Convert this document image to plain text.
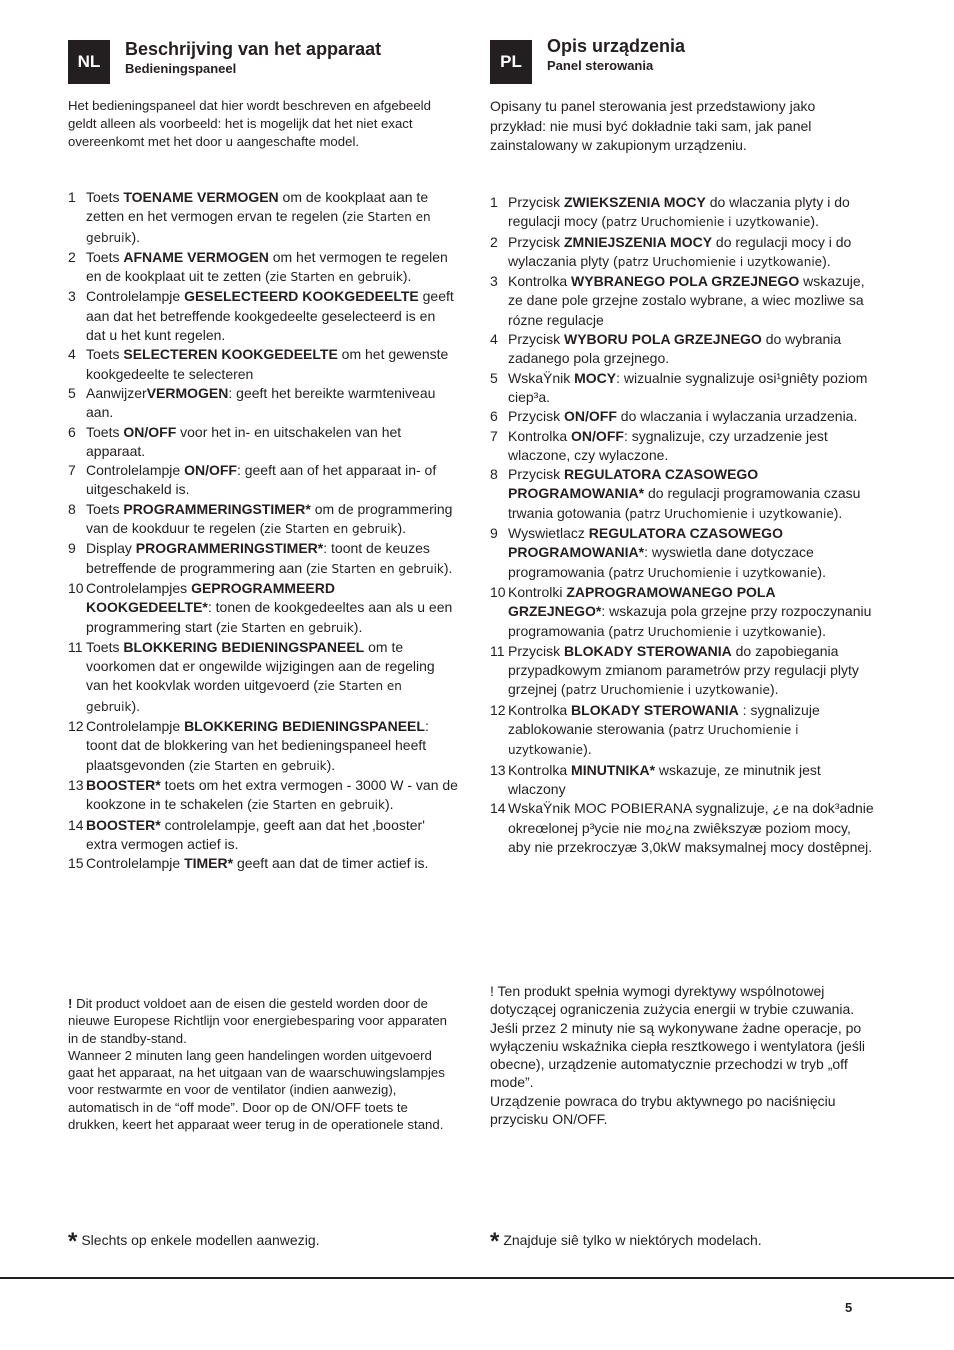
NL
Beschrijving van het apparaat
Bedieningspaneel
Het bedieningspaneel dat hier wordt beschreven en afgebeeld geldt alleen als voorbeeld: het is mogelijk dat het niet exact overeenkomt met het door u aangeschafte model.
1 Toets TOENAME VERMOGEN om de kookplaat aan te zetten en het vermogen ervan te regelen (zie Starten en gebruik).
2 Toets AFNAME VERMOGEN om het vermogen te regelen en de kookplaat uit te zetten (zie Starten en gebruik).
3 Controlelampje GESELECTEERD KOOKGEDEELTE geeft aan dat het betreffende kookgedeelte geselecteerd is en dat u het kunt regelen.
4 Toets SELECTEREN KOOKGEDEELTE om het gewenste kookgedeelte te selecteren
5 AanwijzerVERMOGEN: geeft het bereikte warmteniveau aan.
6 Toets ON/OFF voor het in- en uitschakelen van het apparaat.
7 Controlelampje ON/OFF: geeft aan of het apparaat in- of uitgeschakeld is.
8 Toets PROGRAMMERINGSTIMER* om de programmering van de kookduur te regelen (zie Starten en gebruik).
9 Display PROGRAMMERINGSTIMER*: toont de keuzes betreffende de programmering aan (zie Starten en gebruik).
10 Controlelampjes GEPROGRAMMEERD KOOKGEDEELTE*: tonen de kookgedeeltes aan als u een programmering start (zie Starten en gebruik).
11 Toets BLOKKERING BEDIENINGSPANEEL om te voorkomen dat er ongewilde wijzigingen aan de regeling van het kookvlak worden uitgevoerd (zie Starten en gebruik).
12 Controlelampje BLOKKERING BEDIENINGSPANEEL: toont dat de blokkering van het bedieningspaneel heeft plaatsgevonden (zie Starten en gebruik).
13 BOOSTER* toets om het extra vermogen - 3000 W - van de kookzone in te schakelen (zie Starten en gebruik).
14 BOOSTER* controlelampje, geeft aan dat het ‚booster' extra vermogen actief is.
15 Controlelampje TIMER* geeft aan dat de timer actief is.
! Dit product voldoet aan de eisen die gesteld worden door de nieuwe Europese Richtlijn voor energiebesparing voor apparaten in de standby-stand.
Wanneer 2 minuten lang geen handelingen worden uitgevoerd gaat het apparaat, na het uitgaan van de waarschuwingslampjes voor restwarmte en voor de ventilator (indien aanwezig), automatisch in de “off mode”. Door op de ON/OFF toets te drukken, keert het apparaat weer terug in de operationele stand.
* Slechts op enkele modellen aanwezig.
PL
Opis urządzenia
Panel sterowania
Opisany tu panel sterowania jest przedstawiony jako przykład: nie musi być dokładnie taki sam, jak panel zainstalowany w zakupionym urządzeniu.
1 Przycisk ZWIEKSZENIA MOCY do wlaczania plyty i do regulacji mocy (patrz Uruchomienie i uzytkowanie).
2 Przycisk ZMNIEJSZENIA MOCY do regulacji mocy i do wylaczania plyty (patrz Uruchomienie i uzytkowanie).
3 Kontrolka WYBRANEGO POLA GRZEJNEGO wskazuje, ze dane pole grzejne zostalo wybrane, a wiec mozliwe sa rózne regulacje
4 Przycisk WYBORU POLA GRZEJNEGO do wybrania zadanego pola grzejnego.
5 WskaŸnik MOCY: wizualnie sygnalizuje osi¹gniêty poziom ciep³a.
6 Przycisk ON/OFF do wlaczania i wylaczania urzadzenia.
7 Kontrolka ON/OFF: sygnalizuje, czy urzadzenie jest wlaczone, czy wylaczone.
8 Przycisk REGULATORA CZASOWEGO PROGRAMOWANIA* do regulacji programowania czasu trwania gotowania (patrz Uruchomienie i uzytkowanie).
9 Wyswietlacz REGULATORA CZASOWEGO PROGRAMOWANIA*: wyswietla dane dotyczace programowania (patrz Uruchomienie i uzytkowanie).
10 Kontrolki ZAPROGRAMOWANEGO POLA GRZEJNEGO*: wskazuja pola grzejne przy rozpoczynaniu programowania (patrz Uruchomienie i uzytkowanie).
11 Przycisk BLOKADY STEROWANIA do zapobiegania przypadkowym zmianom parametrów przy regulacji plyty grzejnej (patrz Uruchomienie i uzytkowanie).
12 Kontrolka BLOKADY STEROWANIA : sygnalizuje zablokowanie sterowania (patrz Uruchomienie i uzytkowanie).
13 Kontrolka MINUTNIKA* wskazuje, ze minutnik jest wlaczony
14 WskaŸnik MOC POBIERANA sygnalizuje, ¿e na dok³adnie okreœlonej p³ycie nie mo¿na zwiêkszyæ poziom mocy, aby nie przekroczyæ 3,0kW maksymalnej mocy dostêpnej.
! Ten produkt spełnia wymogi dyrektywy wspólnotowej dotyczącej ograniczenia zużycia energii w trybie czuwania.
Jeśli przez 2 minuty nie są wykonywane żadne operacje, po wyłączeniu wskaźnika ciepła resztkowego i wentylatora (jeśli obecne), urządzenie automatycznie przechodzi w tryb „off mode”.
Urządzenie powraca do trybu aktywnego po naciśnięciu przycisku ON/OFF.
* Znajduje siê tylko w niektórych modelach.
5
